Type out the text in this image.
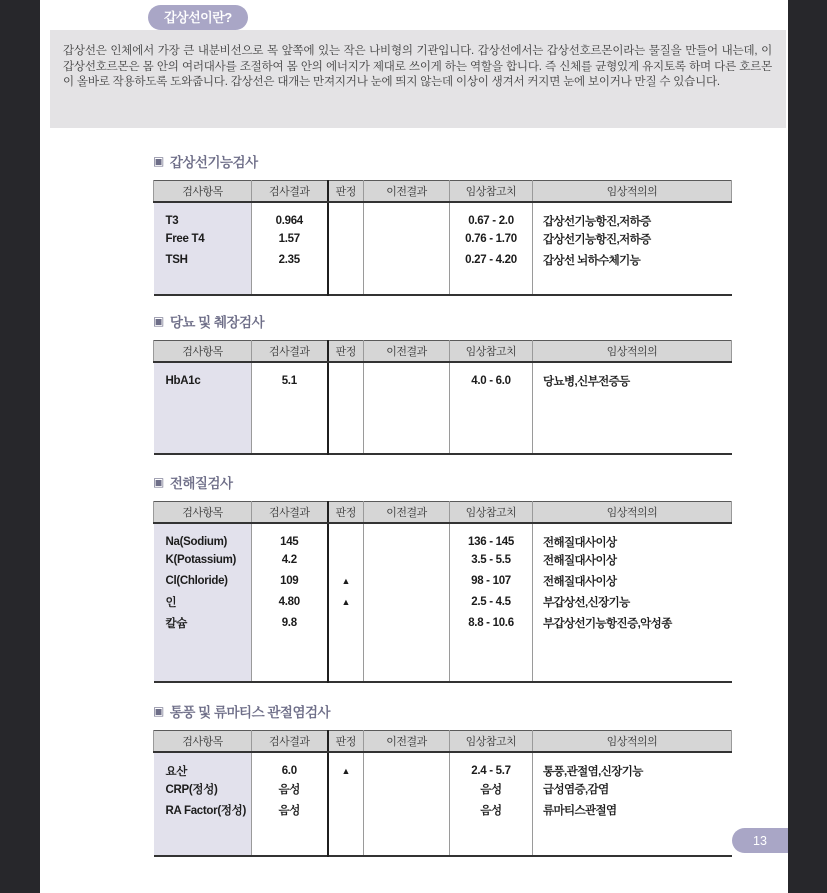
갑상선은 인체에서 가장 큰 내분비선으로 목 앞쪽에 있는 작은 나비형의 기관입니다. 갑상선에서는 갑상선호르몬이라는 물질을 만들어 내는데, 이 갑상선호르몬은 몸 안의 여러대사를 조절하여 몸 안의 에너지가 제대로 쓰이게 하는 역할을 합니다. 즉 신체를 균형있게 유지토록 하며 다른 호르몬이 올바로 작용하도록 도와줍니다. 갑상선은 대개는 만져지거나 눈에 띄지 않는데 이상이 생겨서 커지면 눈에 보이거나 만질 수 있습니다.

갑상선이란?
▣ 갑상선기능검사
검사항목	검사결과	판정	이전결과	임상참고치	임상적의의
T3	0.964			0.67 - 2.0	갑상선기능항진,저하증
Free T4	1.57			0.76 - 1.70	갑상선기능항진,저하증
TSH	2.35			0.27 - 4.20	갑상선 뇌하수체기능

▣ 당뇨 및 췌장검사
검사항목	검사결과	판정	이전결과	임상참고치	임상적의의
HbA1c	5.1			4.0 - 6.0	당뇨병,신부전증등

▣ 전해질검사
검사항목	검사결과	판정	이전결과	임상참고치	임상적의의
Na(Sodium)	145			136 - 145	전해질대사이상
K(Potassium)	4.2			3.5 - 5.5	전해질대사이상
Cl(Chloride)	109	▲		98 - 107	전해질대사이상
인	4.80	▲		2.5 - 4.5	부갑상선,신장기능
칼슘	9.8			8.8 - 10.6	부갑상선기능항진증,악성종

▣ 통풍 및 류마티스 관절염검사
검사항목	검사결과	판정	이전결과	임상참고치	임상적의의
요산	6.0	▲		2.4 - 5.7	통풍,관절염,신장기능
CRP(정성)	음성			음성	급성염증,감염
RA Factor(정성)	음성			음성	류마티스관절염

13
